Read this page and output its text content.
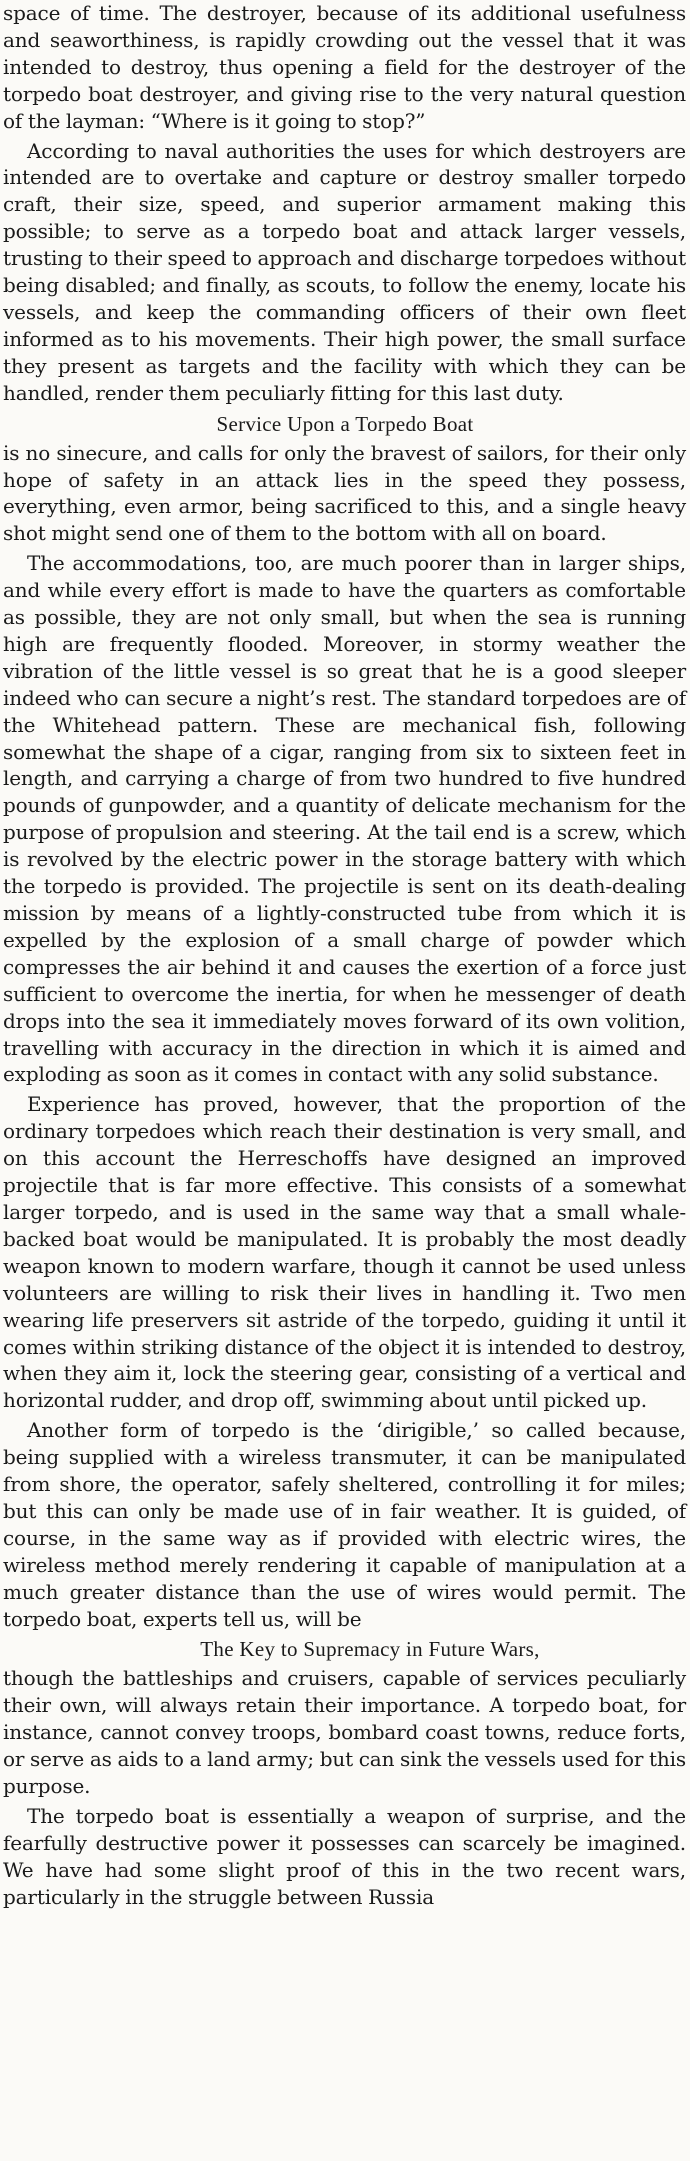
space of time. The destroyer, because of its additional usefulness and seaworthiness, is rapidly crowding out the vessel that it was intended to destroy, thus opening a field for the destroyer of the torpedo boat destroyer, and giving rise to the very natural question of the layman: “Where is it going to stop?”

According to naval authorities the uses for which destroyers are intended are to overtake and capture or destroy smaller torpedo craft, their size, speed, and superior armament making this possible; to serve as a torpedo boat and attack larger vessels, trusting to their speed to approach and discharge torpedoes without being disabled; and finally, as scouts, to follow the enemy, locate his vessels, and keep the commanding officers of their own fleet informed as to his movements. Their high power, the small surface they present as targets and the facility with which they can be handled, render them peculiarly fitting for this last duty.

Service Upon a Torpedo Boat

is no sinecure, and calls for only the bravest of sailors, for their only hope of safety in an attack lies in the speed they possess, everything, even armor, being sacrificed to this, and a single heavy shot might send one of them to the bottom with all on board.

The accommodations, too, are much poorer than in larger ships, and while every effort is made to have the quarters as comfortable as possible, they are not only small, but when the sea is running high are frequently flooded. Moreover, in stormy weather the vibration of the little vessel is so great that he is a good sleeper indeed who can secure a night’s rest. The standard torpedoes are of the Whitehead pattern. These are mechanical fish, following somewhat the shape of a cigar, ranging from six to sixteen feet in length, and carrying a charge of from two hundred to five hundred pounds of gunpowder, and a quantity of delicate mechanism for the purpose of propulsion and steering. At the tail end is a screw, which is revolved by the electric power in the storage battery with which the torpedo is provided. The projectile is sent on its death-dealing mission by means of a lightly-constructed tube from which it is expelled by the explosion of a small charge of powder which compresses the air behind it and causes the exertion of a force just sufficient to overcome the inertia, for when he messenger of death drops into the sea it immediately moves forward of its own volition, travelling with accuracy in the direction in which it is aimed and exploding as soon as it comes in contact with any solid substance.

Experience has proved, however, that the proportion of the ordinary torpedoes which reach their destination is very small, and on this account the Herreschoffs have designed an improved projectile that is far more effective. This consists of a somewhat larger torpedo, and is used in the same way that a small whale-backed boat would be manipulated. It is probably the most deadly weapon known to modern warfare, though it cannot be used unless volunteers are willing to risk their lives in handling it. Two men wearing life preservers sit astride of the torpedo, guiding it until it comes within striking distance of the object it is intended to destroy, when they aim it, lock the steering gear, consisting of a vertical and horizontal rudder, and drop off, swimming about until picked up.

Another form of torpedo is the ‘dirigible,’ so called because, being supplied with a wireless transmuter, it can be manipulated from shore, the operator, safely sheltered, controlling it for miles; but this can only be made use of in fair weather. It is guided, of course, in the same way as if provided with electric wires, the wireless method merely rendering it capable of manipulation at a much greater distance than the use of wires would permit. The torpedo boat, experts tell us, will be

The Key to Supremacy in Future Wars,

though the battleships and cruisers, capable of services peculiarly their own, will always retain their importance. A torpedo boat, for instance, cannot convey troops, bombard coast towns, reduce forts, or serve as aids to a land army; but can sink the vessels used for this purpose.

The torpedo boat is essentially a weapon of surprise, and the fearfully destructive power it possesses can scarcely be imagined. We have had some slight proof of this in the two recent wars, particularly in the struggle between Russia
